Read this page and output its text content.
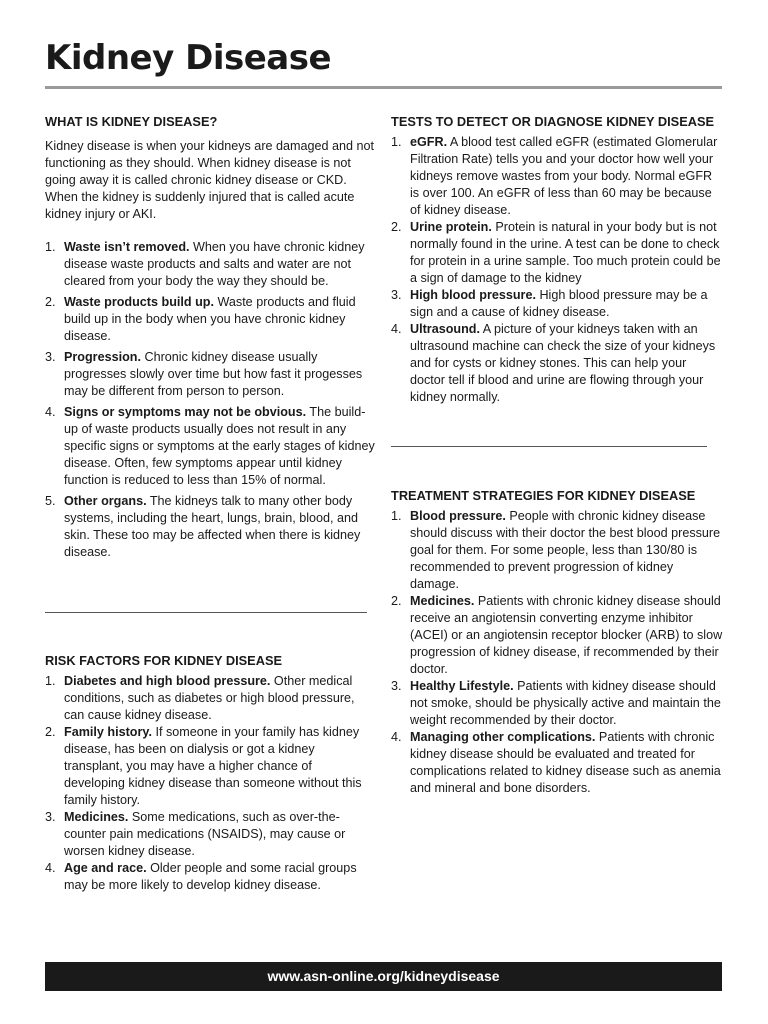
Kidney Disease
WHAT IS KIDNEY DISEASE?

Kidney disease is when your kidneys are damaged and not functioning as they should. When kidney disease is not going away it is called chronic kidney disease or CKD. When the kidney is suddenly injured that is called acute kidney injury or AKI.

1. Waste isn’t removed. When you have chronic kidney disease waste products and salts and water are not cleared from your body the way they should be.
2. Waste products build up. Waste products and fluid build up in the body when you have chronic kidney disease.
3. Progression. Chronic kidney disease usually progresses slowly over time but how fast it progesses may be different from person to person.
4. Signs or symptoms may not be obvious. The build-up of waste products usually does not result in any specific signs or symptoms at the early stages of kidney disease. Often, few symptoms appear until kidney function is reduced to less than 15% of normal.
5. Other organs. The kidneys talk to many other body systems, including the heart, lungs, brain, blood, and skin. These too may be affected when there is kidney disease.
RISK FACTORS FOR KIDNEY DISEASE
1. Diabetes and high blood pressure. Other medical conditions, such as diabetes or high blood pressure, can cause kidney disease.
2. Family history. If someone in your family has kidney disease, has been on dialysis or got a kidney transplant, you may have a higher chance of developing kidney disease than someone without this family history.
3. Medicines. Some medications, such as over-the-counter pain medications (NSAIDS), may cause or worsen kidney disease.
4. Age and race. Older people and some racial groups may be more likely to develop kidney disease.
TESTS TO DETECT OR DIAGNOSE KIDNEY DISEASE
1. eGFR. A blood test called eGFR (estimated Glomerular Filtration Rate) tells you and your doctor how well your kidneys remove wastes from your body. Normal eGFR is over 100. An eGFR of less than 60 may be because of kidney disease.
2. Urine protein. Protein is natural in your body but is not normally found in the urine. A test can be done to check for protein in a urine sample. Too much protein could be a sign of damage to the kidney
3. High blood pressure. High blood pressure may be a sign and a cause of kidney disease.
4. Ultrasound. A picture of your kidneys taken with an ultrasound machine can check the size of your kidneys and for cysts or kidney stones. This can help your doctor tell if blood and urine are flowing through your kidney normally.
TREATMENT STRATEGIES FOR KIDNEY DISEASE
1. Blood pressure. People with chronic kidney disease should discuss with their doctor the best blood pressure goal for them. For some people, less than 130/80 is recommended to prevent progression of kidney damage.
2. Medicines. Patients with chronic kidney disease should receive an angiotensin converting enzyme inhibitor (ACEI) or an angiotensin receptor blocker (ARB) to slow progression of kidney disease, if recommended by their doctor.
3. Healthy Lifestyle. Patients with kidney disease should not smoke, should be physically active and maintain the weight recommended by their doctor.
4. Managing other complications. Patients with chronic kidney disease should be evaluated and treated for complications related to kidney disease such as anemia and mineral and bone disorders.
www.asn-online.org/kidneydisease
